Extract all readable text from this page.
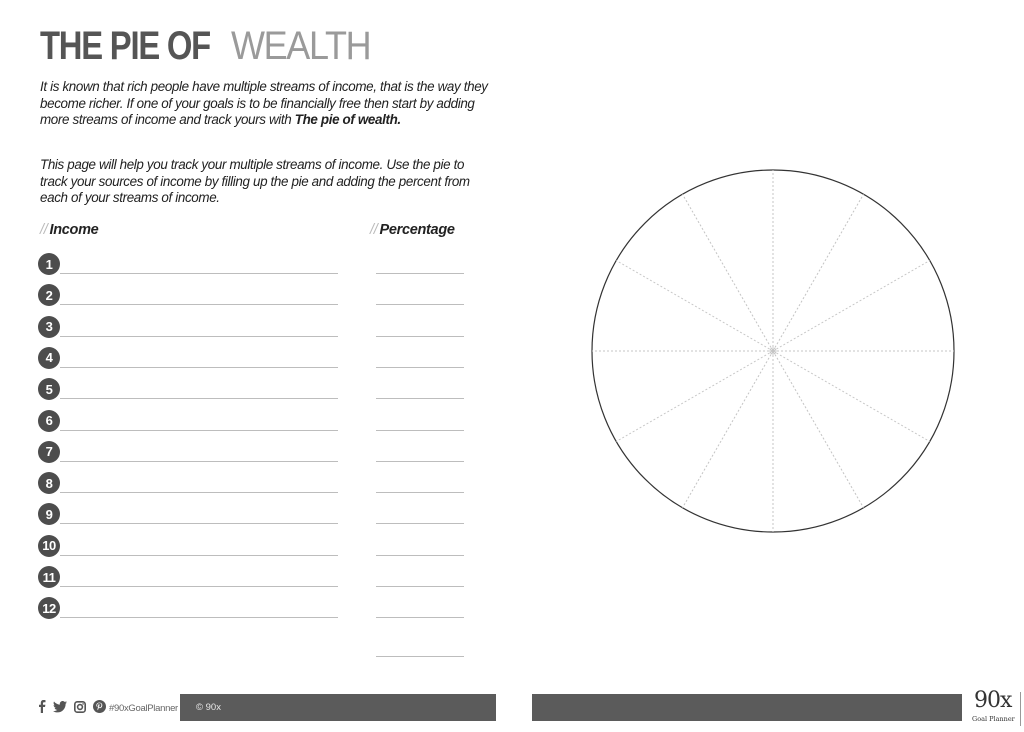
THE PIE OF WEALTH

It is known that rich people have multiple streams of income, that is the way they become richer. If one of your goals is to be financially free then start by adding more streams of income and track yours with The pie of wealth.

This page will help you track your multiple streams of income. Use the pie to track your sources of income by filling up the pie and adding the percent from each of your streams of income.

// Income	// Percentage
1
2
3
4
5
6
7
8
9
10
11
12
#90xGoalPlanner © 90x	90x
Goal Planner
